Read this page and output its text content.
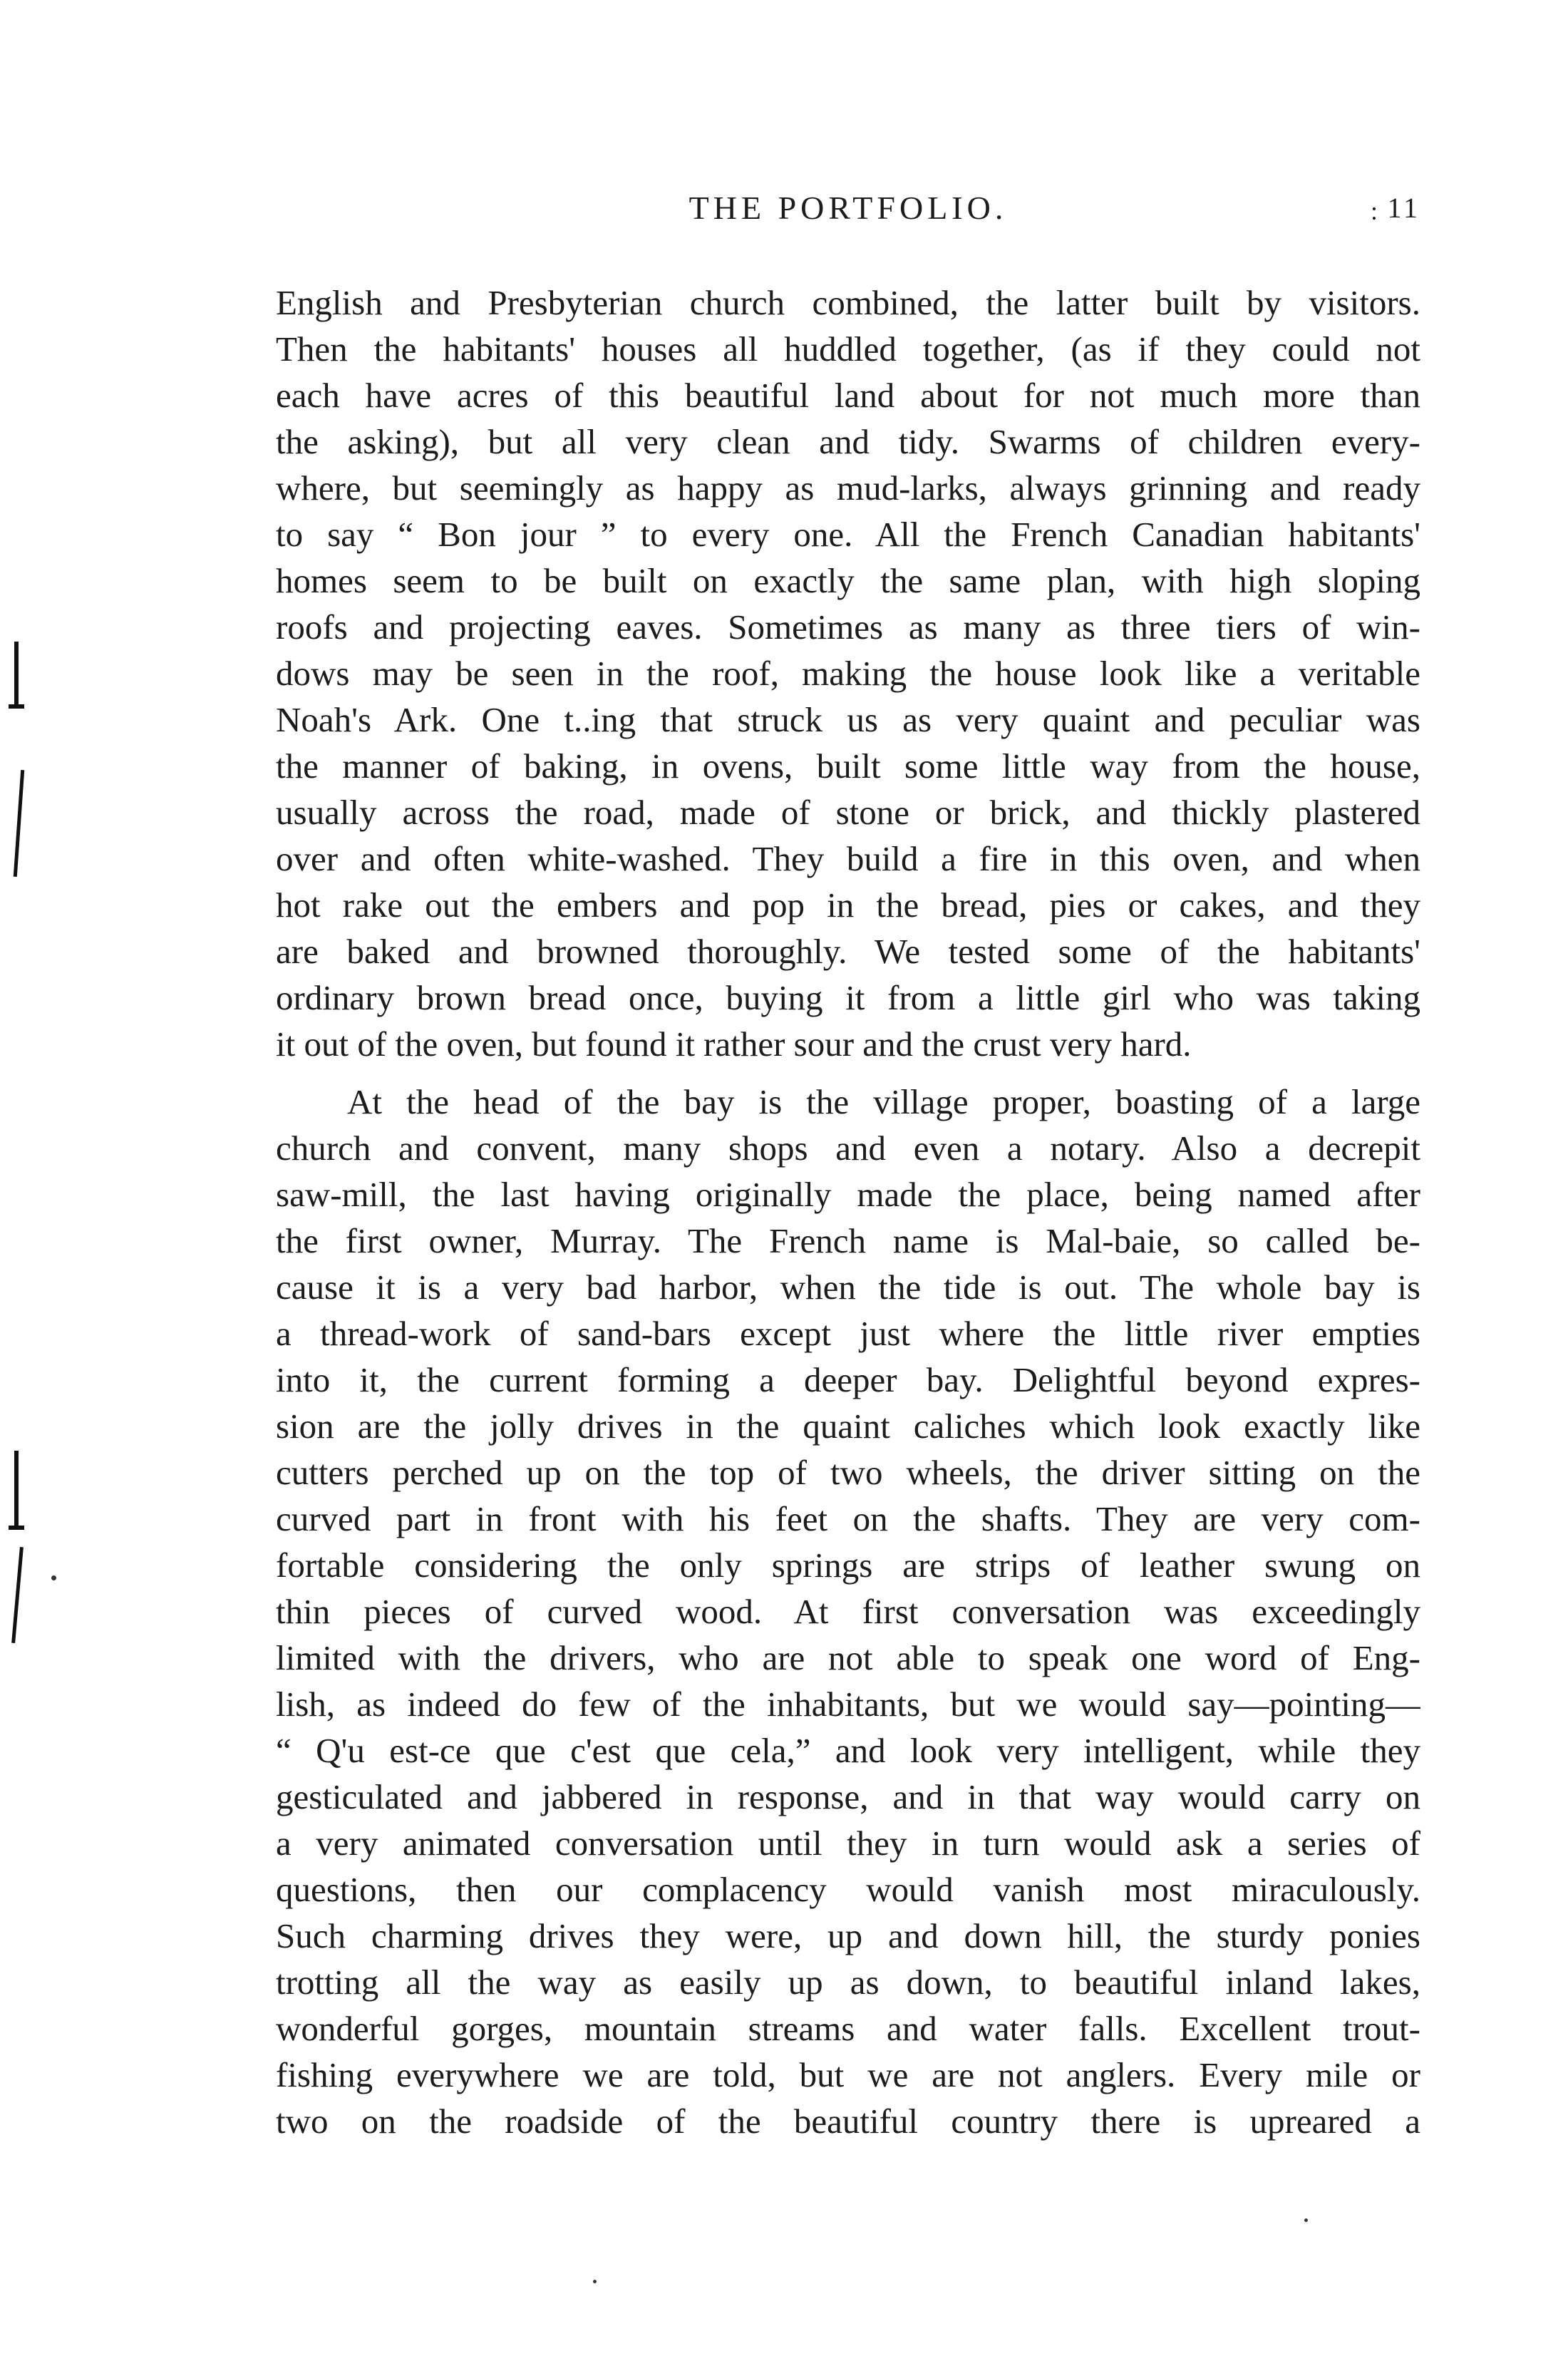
THE PORTFOLIO.	: 11
English and Presbyterian church combined, the latter built by visitors.
Then the habitants' houses all huddled together, (as if they could not
each have acres of this beautiful land about for not much more than
the asking), but all very clean and tidy. Swarms of children every-
where, but seemingly as happy as mud-larks, always grinning and ready
to say “ Bon jour ” to every one. All the French Canadian habitants'
homes seem to be built on exactly the same plan, with high sloping
roofs and projecting eaves. Sometimes as many as three tiers of win-
dows may be seen in the roof, making the house look like a veritable
Noah's Ark. One t..ing that struck us as very quaint and peculiar was
the manner of baking, in ovens, built some little way from the house,
usually across the road, made of stone or brick, and thickly plastered
over and often white-washed. They build a fire in this oven, and when
hot rake out the embers and pop in the bread, pies or cakes, and they
are baked and browned thoroughly. We tested some of the habitants'
ordinary brown bread once, buying it from a little girl who was taking
it out of the oven, but found it rather sour and the crust very hard.
At the head of the bay is the village proper, boasting of a large
church and convent, many shops and even a notary. Also a decrepit
saw-mill, the last having originally made the place, being named after
the first owner, Murray. The French name is Mal-baie, so called be-
cause it is a very bad harbor, when the tide is out. The whole bay is
a thread-work of sand-bars except just where the little river empties
into it, the current forming a deeper bay. Delightful beyond expres-
sion are the jolly drives in the quaint caliches which look exactly like
cutters perched up on the top of two wheels, the driver sitting on the
curved part in front with his feet on the shafts. They are very com-
fortable considering the only springs are strips of leather swung on
thin pieces of curved wood. At first conversation was exceedingly
limited with the drivers, who are not able to speak one word of Eng-
lish, as indeed do few of the inhabitants, but we would say—pointing—
“ Q'u est-ce que c'est que cela,” and look very intelligent, while they
gesticulated and jabbered in response, and in that way would carry on
a very animated conversation until they in turn would ask a series of
questions, then our complacency would vanish most miraculously.
Such charming drives they were, up and down hill, the sturdy ponies
trotting all the way as easily up as down, to beautiful inland lakes,
wonderful gorges, mountain streams and water falls. Excellent trout-
fishing everywhere we are told, but we are not anglers. Every mile or
two on the roadside of the beautiful country there is upreared a
